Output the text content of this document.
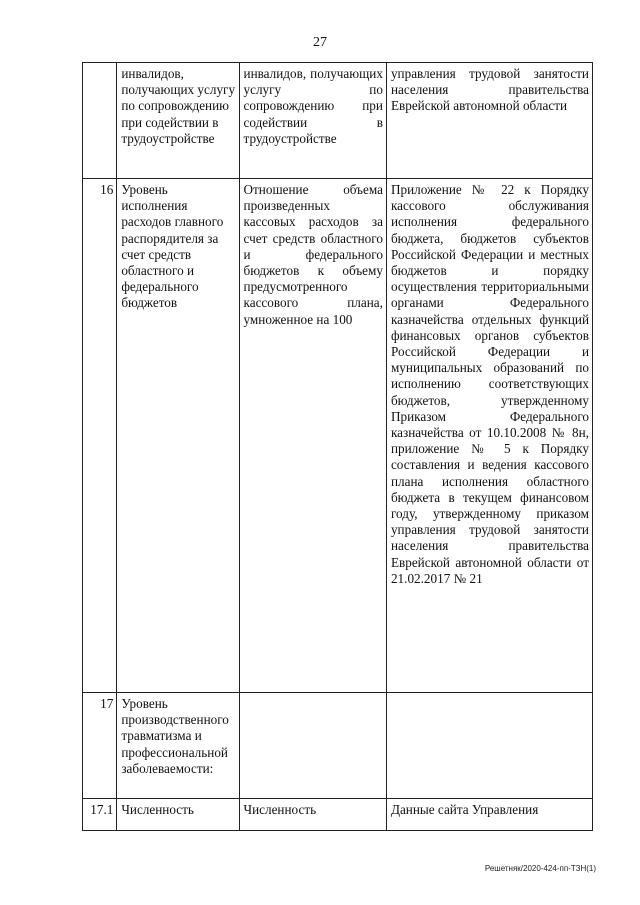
27
	инвалидов, получающих услугу по сопровождению при содействии в трудоустройстве	инвалидов, получающих услугу по сопровождению при содействии в трудоустройстве	управления трудовой занятости населения правительства Еврейской автономной области
16	Уровень исполнения расходов главного распорядителя за счет средств областного и федерального бюджетов	Отношение объема произведенных кассовых расходов за счет средств областного и федерального бюджетов к объему предусмотренного кассового плана, умноженное на 100	Приложение № 22 к Порядку кассового обслуживания исполнения федерального бюджета, бюджетов субъектов Российской Федерации и местных бюджетов и порядку осуществления территориальными органами Федерального казначейства отдельных функций финансовых органов субъектов Российской Федерации и муниципальных образований по исполнению соответствующих бюджетов, утвержденному Приказом Федерального казначейства от 10.10.2008 № 8н, приложение № 5 к Порядку составления и ведения кассового плана исполнения областного бюджета в текущем финансовом году, утвержденному приказом управления трудовой занятости населения правительства Еврейской автономной области от 21.02.2017 № 21
17	Уровень производственного травматизма и профессиональной заболеваемости:		
17.1	Численность	Численность	Данные сайта Управления
Решетняк/2020-424-пп-ТЗН(1)
